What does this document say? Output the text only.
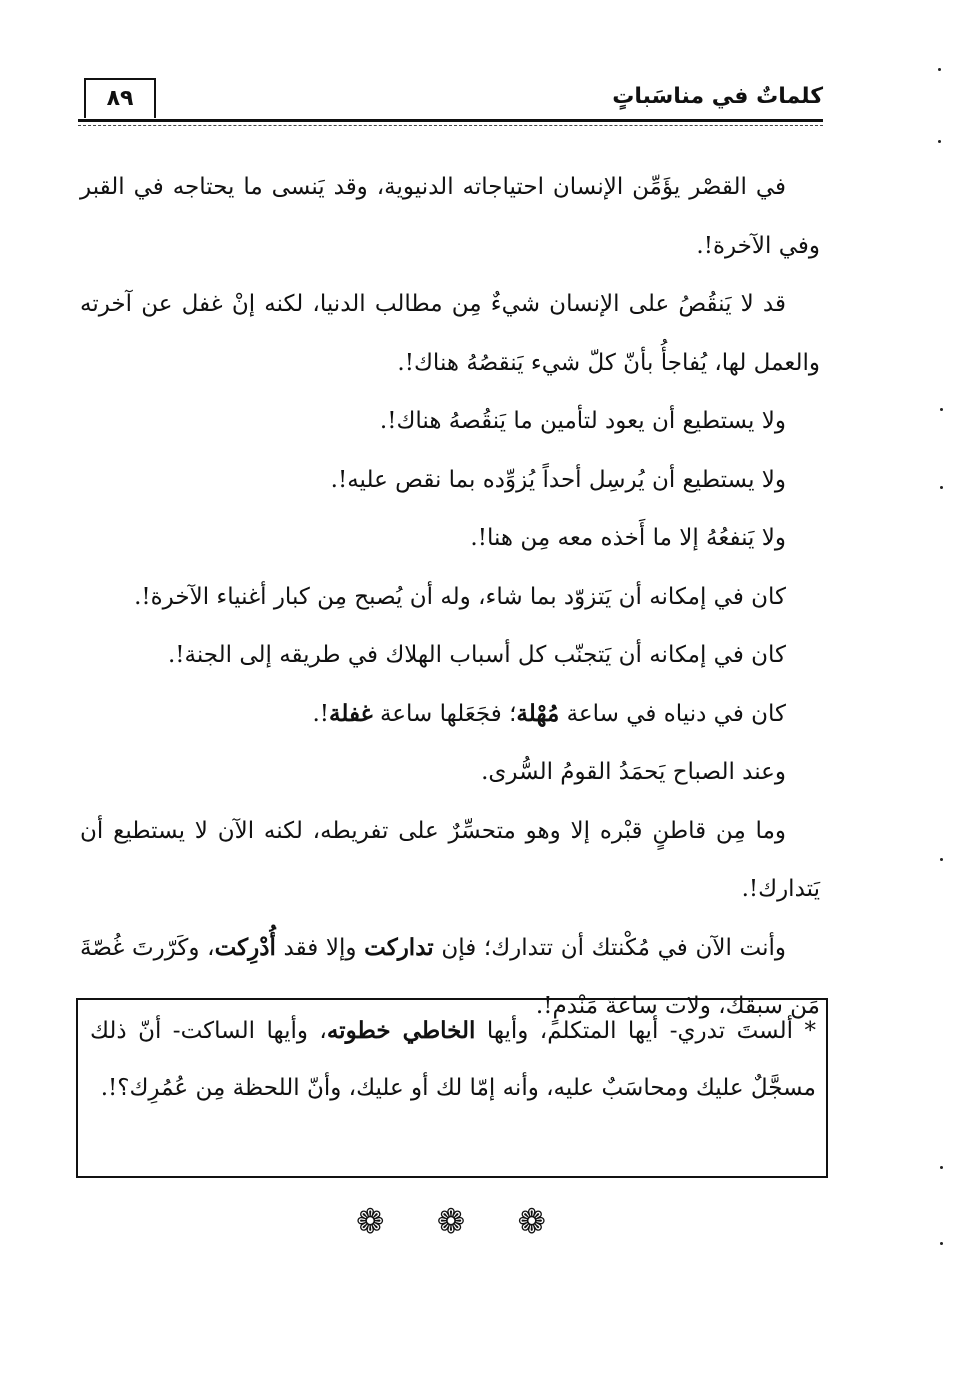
كلماتٌ في مناسَباتٍ
٨٩

في القصْر يؤَمِّن الإنسان احتياجاته الدنيوية، وقد يَنسى ما يحتاجه في القبر وفي الآخرة!.

قد لا يَنقُصُ على الإنسان شيءٌ مِن مطالب الدنيا، لكنه إنْ غفل عن آخرته والعمل لها، يُفاجأُ بأنّ كلّ شيء يَنقصُهُ هناك!.

ولا يستطيع أن يعود لتأمين ما يَنقُصهُ هناك!.

ولا يستطيع أن يُرسِل أحداً يُزوِّده بما نقص عليه!.

ولا يَنفعُهُ إلا ما أَخذه معه مِن هنا!.

كان في إمكانه أن يَتزوّد بما شاء، وله أن يُصبح مِن كبار أغنياء الآخرة!.

كان في إمكانه أن يَتجنّب كل أسباب الهلاك في طريقه إلى الجنة!.

كان في دنياه في ساعة مُهْلة؛ فجَعَلها ساعة غفلة!.

وعند الصباح يَحمَدُ القومُ السُّرى.

وما مِن قاطنٍ قبْره إلا وهو متحسِّرٌ على تفريطه، لكنه الآن لا يستطيع أن يَتدارك!.

وأنت الآن في مُكْنتك أن تتدارك؛ فإن تداركت وإلا فقد أُدْرِكت، وكَرّرتَ غُصّةَ مَن سبقك، ولات ساعةَ مَنْدمٍ!.

* ألستَ تدري- أيها المتكلم، وأيها الخاطي خطوته، وأيها الساكت- أنّ ذلك مسجَّلٌ عليك ومحاسَبٌ عليه، وأنه إمّا لك أو عليك، وأنّ اللحظة مِن عُمُرِك؟!.

❁ ❁ ❁
